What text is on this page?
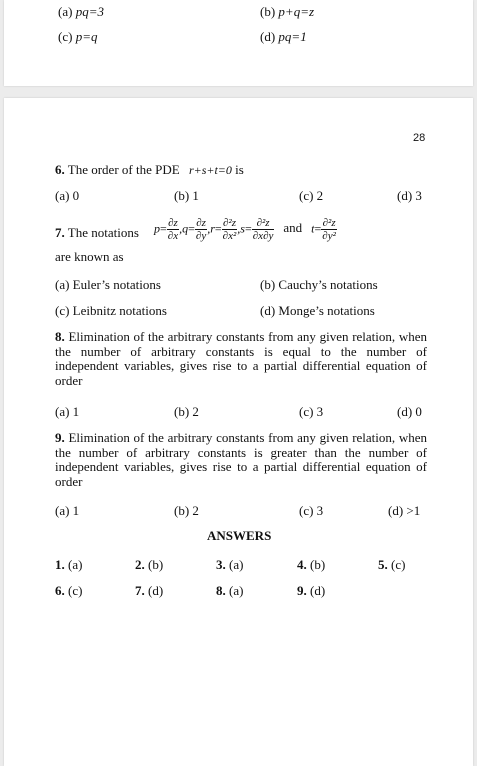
(a) pq=3	(b) p+q=z
(c) p=q	(d) pq=1
28
6. The order of the PDE r+s+t=0 is
(a) 0	(b) 1	(c) 2	(d) 3
7. The notations $p= \frac{\partial z}{\partial x} ,q= \frac{\partial z}{\partial y} ,r= \frac{\text{∂²z}}{\text{∂x²}} ,s= \frac{\text{∂²z}}{\partial x\partial y}$ and $t= \frac{\text{∂²z}}{\text{∂y²}}$
are known as
(a) Euler’s notations	(b) Cauchy’s notations
(c) Leibnitz notations	(d) Monge’s notations
8. Elimination of the arbitrary constants from any given relation, when the number of arbitrary constants is equal to the number of independent variables, gives rise to a partial differential equation of order
(a) 1	(b) 2	(c) 3	(d) 0
9. Elimination of the arbitrary constants from any given relation, when the number of arbitrary constants is greater than the number of independent variables, gives rise to a partial differential equation of order
(a) 1	(b) 2	(c) 3	(d) >1
ANSWERS
1. (a)	2. (b)	3. (a)	4. (b)	5. (c)
6. (c)	7. (d)	8. (a)	9. (d)
